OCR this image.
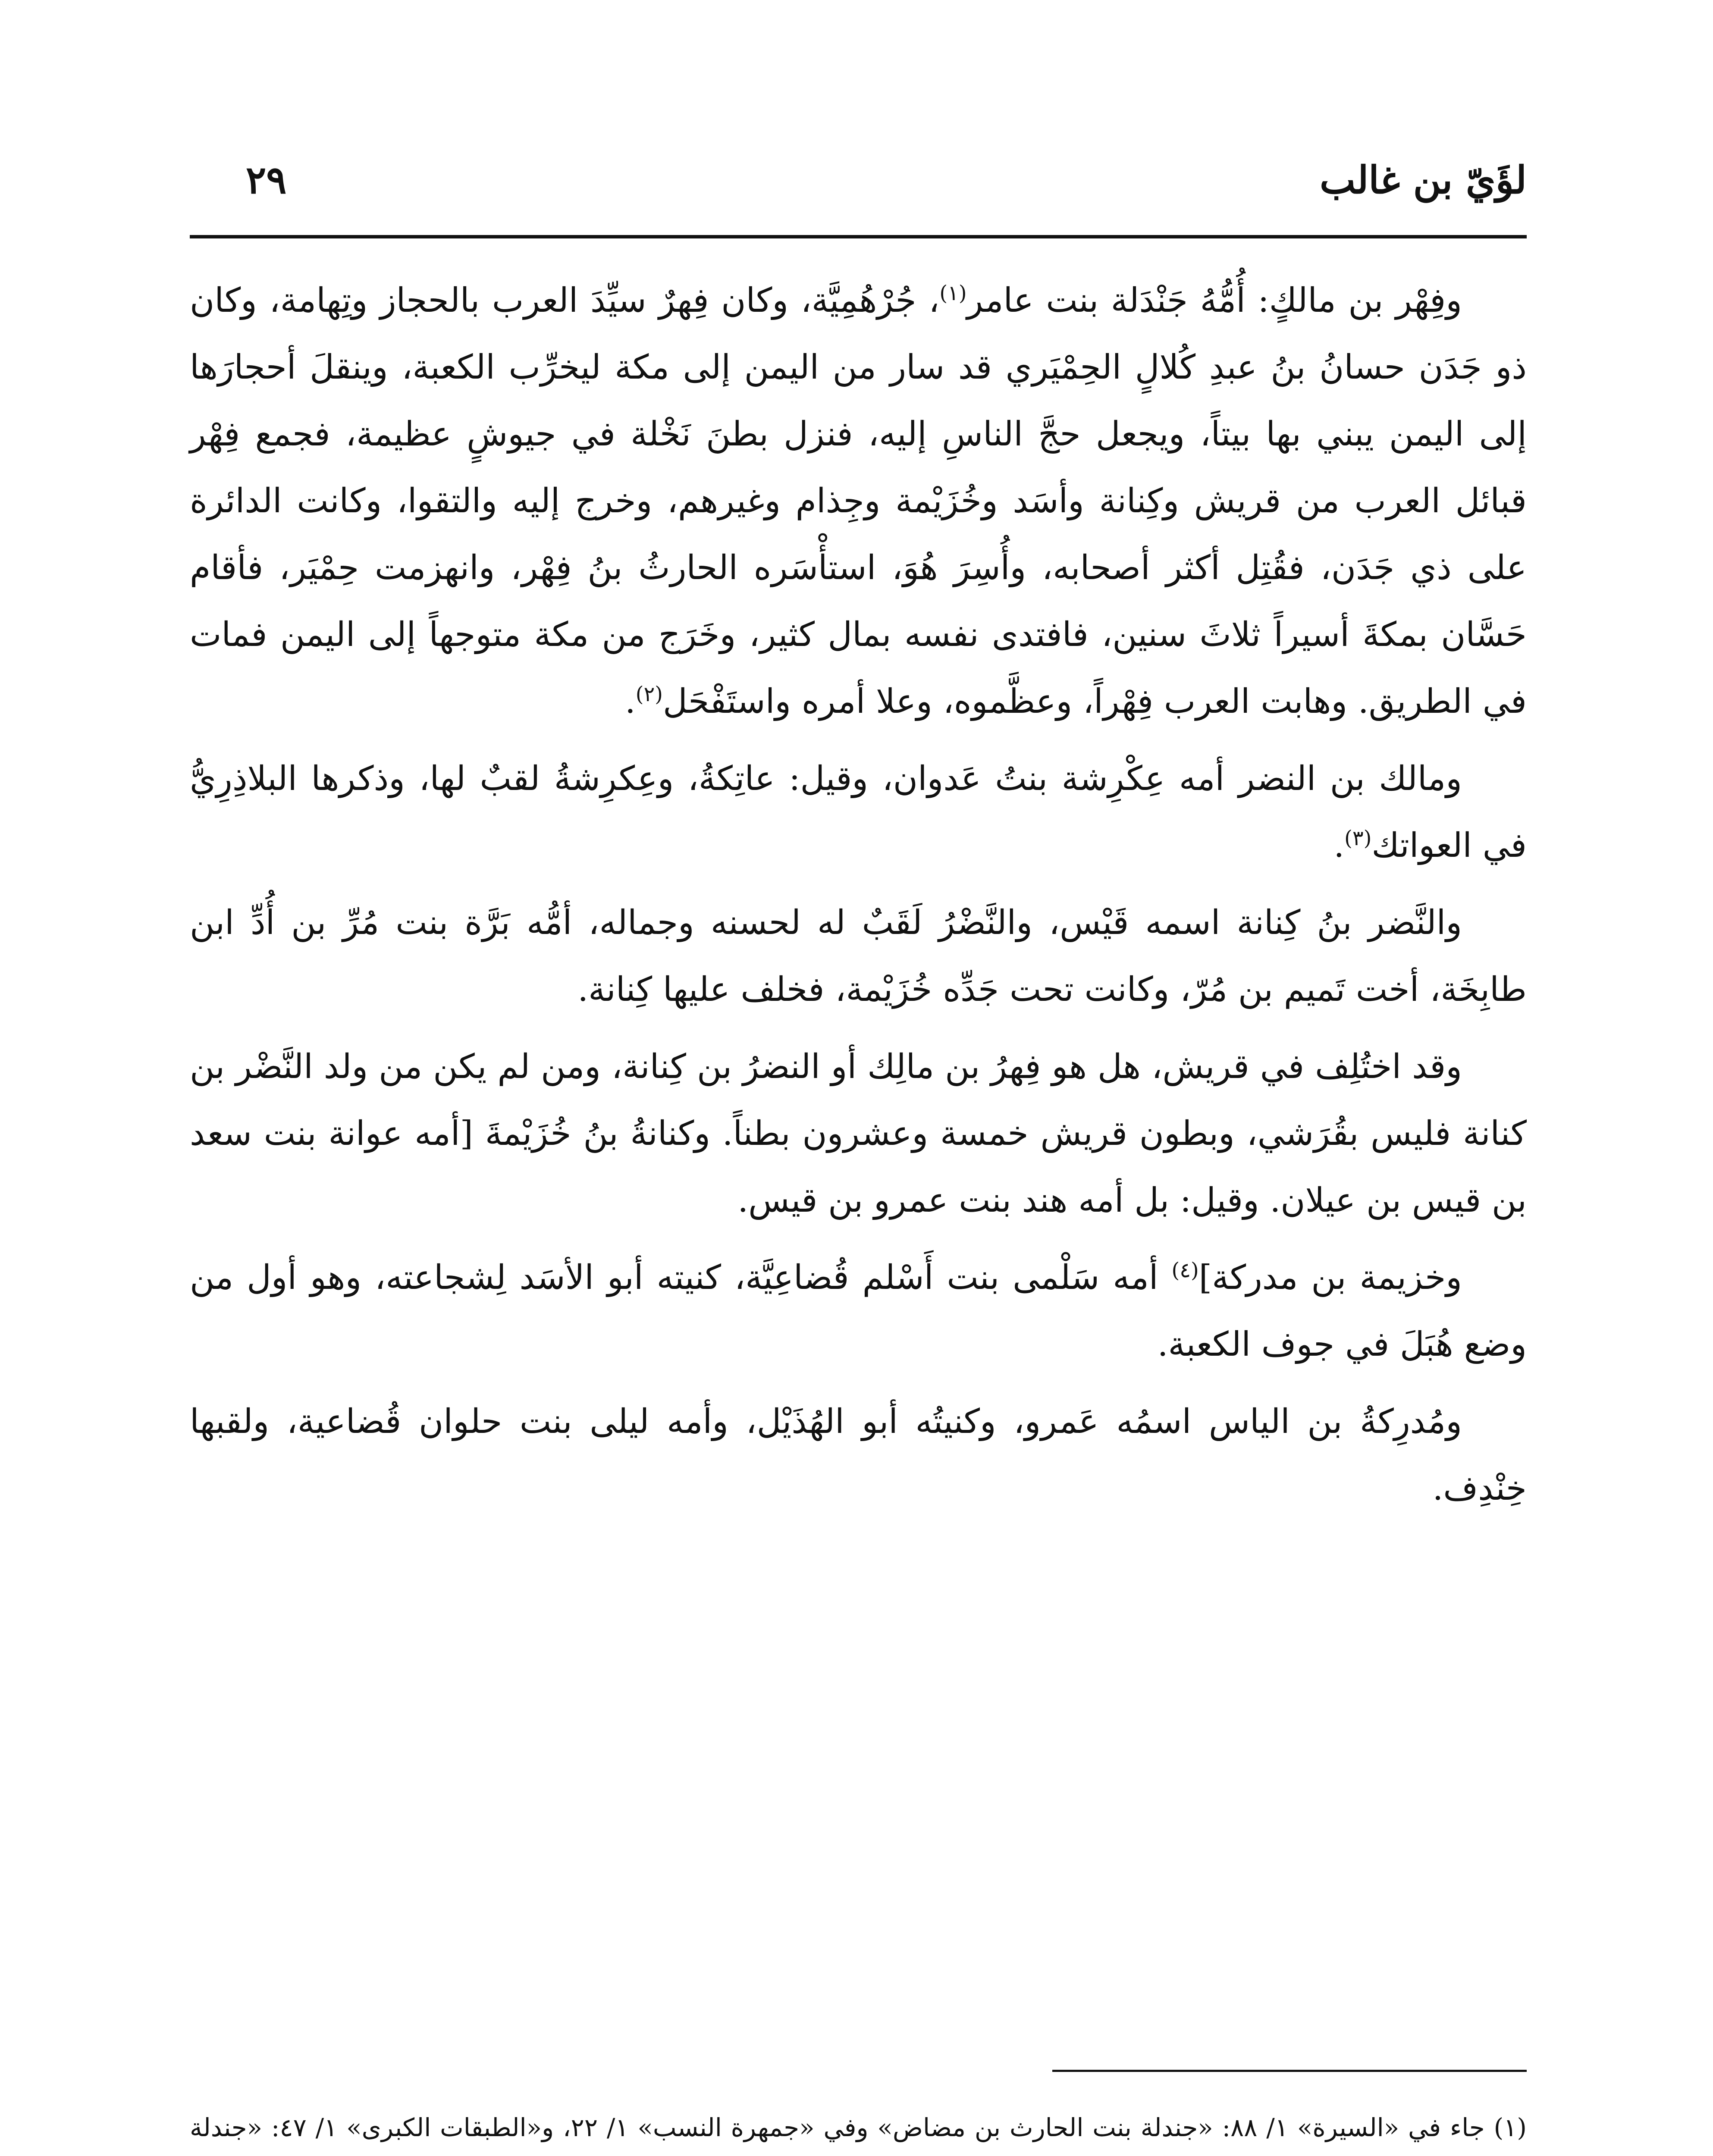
لؤَيّ بن غالب
٢٩

وفِهْر بن مالكٍ: أُمُّهُ جَنْدَلة بنت عامر$^{(١)}$، جُرْهُمِيَّة، وكان فِهرٌ سيِّدَ العرب بالحجاز وتِهامة، وكان ذو جَدَن حسانُ بنُ عبدِ كُلالٍ الحِمْيَري قد سار من اليمن إلى مكة ليخرِّب الكعبة، وينقلَ أحجارَها إلى اليمن يبني بها بيتاً، ويجعل حجَّ الناسِ إليه، فنزل بطنَ نَخْلة في جيوشٍ عظيمة، فجمع فِهْر قبائل العرب من قريش وكِنانة وأسَد وخُزَيْمة وجِذام وغيرهم، وخرج إليه والتقوا، وكانت الدائرة على ذي جَدَن، فقُتِل أكثر أصحابه، وأُسِرَ هُوَ، استأْسَره الحارثُ بنُ فِهْر، وانهزمت حِمْيَر، فأقام حَسَّان بمكةَ أسيراً ثلاثَ سنين، فافتدى نفسه بمال كثير، وخَرَج من مكة متوجهاً إلى اليمن فمات في الطريق. وهابت العرب فِهْراً، وعظَّموه، وعلا أمره واستَفْحَل$^{(٢)}$.

ومالك بن النضر أمه عِكْرِشة بنتُ عَدوان، وقيل: عاتِكةُ، وعِكرِشةُ لقبٌ لها، وذكرها البلاذِرِيُّ في العواتك$^{(٣)}$.

والنَّضر بنُ كِنانة اسمه قَيْس، والنَّضْرُ لَقَبٌ له لحسنه وجماله، أمُّه بَرَّة بنت مُرِّ بن أُدِّ ابن طابِخَة، أخت تَميم بن مُرّ، وكانت تحت جَدِّه خُزَيْمة، فخلف عليها كِنانة.

وقد اختُلِف في قريش، هل هو فِهرُ بن مالِك أو النضرُ بن كِنانة، ومن لم يكن من ولد النَّضْر بن كنانة فليس بقُرَشي، وبطون قريش خمسة وعشرون بطناً. وكنانةُ بنُ خُزَيْمةَ [أمه عوانة بنت سعد بن قيس بن عيلان. وقيل: بل أمه هند بنت عمرو بن قيس.

وخزيمة بن مدركة]$^{(٤)}$ أمه سَلْمى بنت أَسْلم قُضاعِيَّة، كنيته أبو الأسَد لِشجاعته، وهو أول من وضع هُبَلَ في جوف الكعبة.

ومُدرِكةُ بن الياس اسمُه عَمرو، وكنيتُه أبو الهُذَيْل، وأمه ليلى بنت حلوان قُضاعية، ولقبها خِنْدِف.

(١) جاء في «السيرة» ١/ ٨٨: «جندلة بنت الحارث بن مضاض» وفي «جمهرة النسب» ١/ ٢٢، و«الطبقات الكبرى» ١/ ٤٧: «جندلة
